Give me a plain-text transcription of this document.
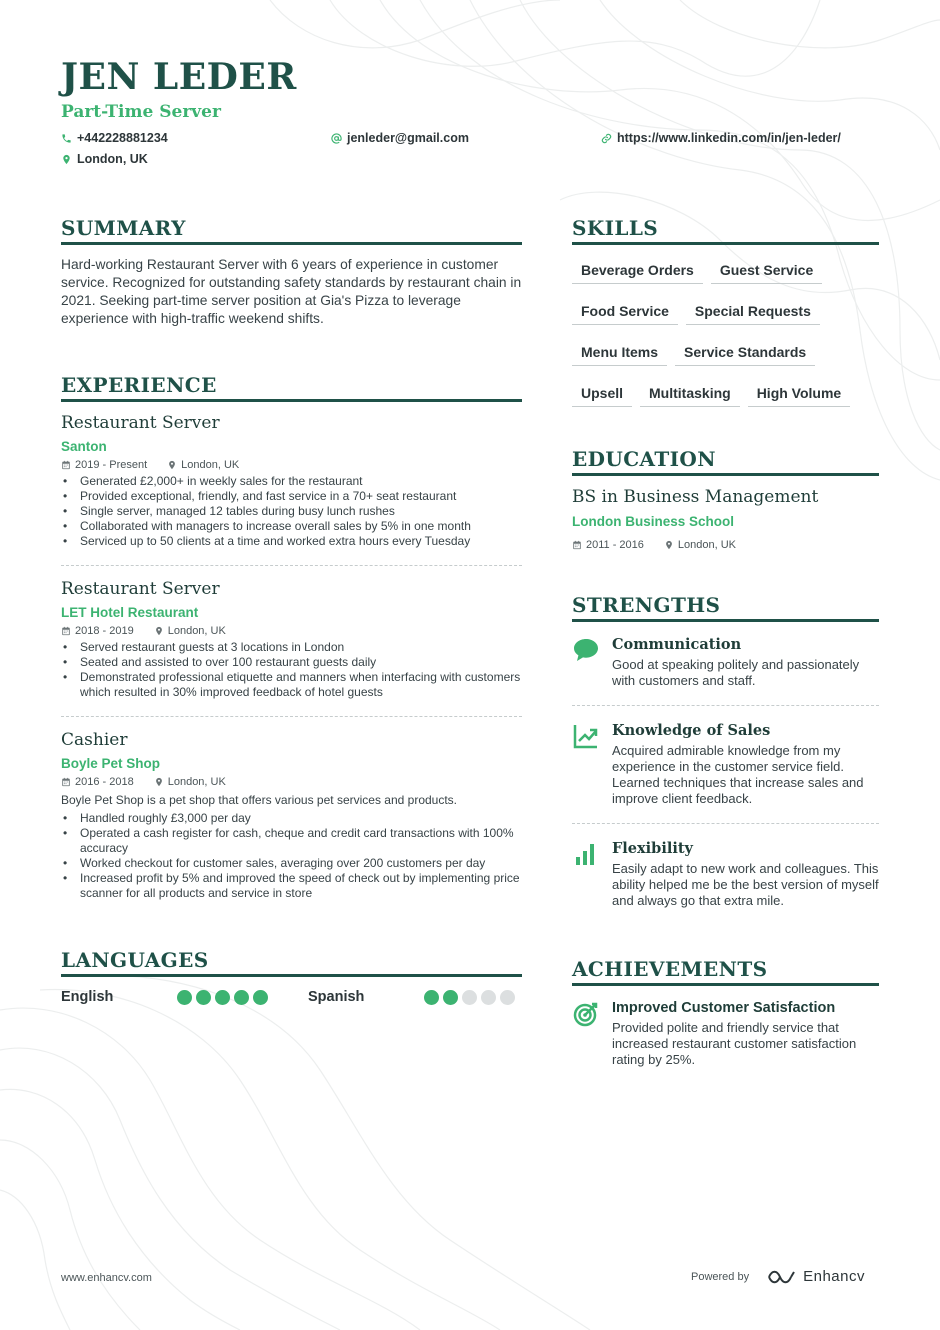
JEN LEDER
Part-Time Server
+442228881234	jenleder@gmail.com	https://www.linkedin.com/in/jen-leder/
London, UK
SUMMARY
Hard-working Restaurant Server with 6 years of experience in customer service. Recognized for outstanding safety standards by restaurant chain in 2021. Seeking part-time server position at Gia's Pizza to leverage experience with high-traffic weekend shifts.
EXPERIENCE
Restaurant Server
Santon
2019 - Present	London, UK
• Generated £2,000+ in weekly sales for the restaurant
• Provided exceptional, friendly, and fast service in a 70+ seat restaurant
• Single server, managed 12 tables during busy lunch rushes
• Collaborated with managers to increase overall sales by 5% in one month
• Serviced up to 50 clients at a time and worked extra hours every Tuesday
Restaurant Server
LET Hotel Restaurant
2018 - 2019	London, UK
• Served restaurant guests at 3 locations in London
• Seated and assisted to over 100 restaurant guests daily
• Demonstrated professional etiquette and manners when interfacing with customers which resulted in 30% improved feedback of hotel guests
Cashier
Boyle Pet Shop
2016 - 2018	London, UK
Boyle Pet Shop is a pet shop that offers various pet services and products.
• Handled roughly £3,000 per day
• Operated a cash register for cash, cheque and credit card transactions with 100% accuracy
• Worked checkout for customer sales, averaging over 200 customers per day
• Increased profit by 5% and improved the speed of check out by implementing price scanner for all products and service in store
LANGUAGES
English	Spanish
SKILLS
Beverage Orders	Guest Service
Food Service	Special Requests
Menu Items	Service Standards
Upsell	Multitasking	High Volume
EDUCATION
BS in Business Management
London Business School
2011 - 2016	London, UK
STRENGTHS
Communication
Good at speaking politely and passionately with customers and staff.
Knowledge of Sales
Acquired admirable knowledge from my experience in the customer service field. Learned techniques that increase sales and improve client feedback.
Flexibility
Easily adapt to new work and colleagues. This ability helped me be the best version of myself and always go that extra mile.
ACHIEVEMENTS
Improved Customer Satisfaction
Provided polite and friendly service that increased restaurant customer satisfaction rating by 25%.
www.enhancv.com	Powered by	Enhancv
